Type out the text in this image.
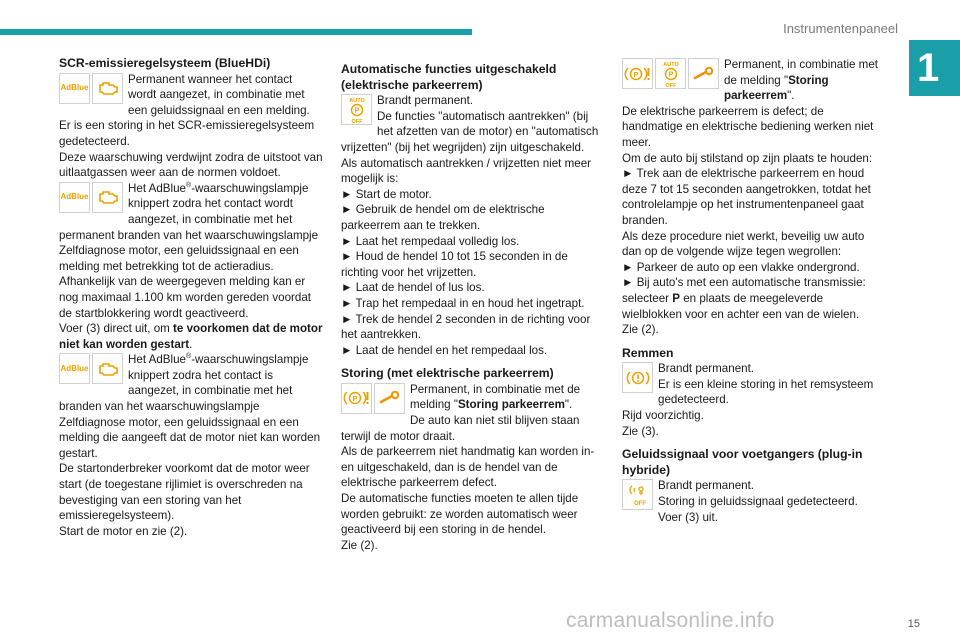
Instrumentenpaneel
1
SCR-emissieregelsysteem (BlueHDi)
AdBlue

Permanent wanneer het contact wordt aangezet, in combinatie met een geluidssignaal en een melding.

Er is een storing in het SCR-emissieregelsysteem gedetecteerd.

Deze waarschuwing verdwijnt zodra de uitstoot van uitlaatgassen weer aan de normen voldoet.

AdBlue

Het AdBlue®-waarschuwingslampje knippert zodra het contact wordt aangezet, in combinatie met het permanent branden van het waarschuwingslampje Zelfdiagnose motor, een geluidssignaal en een melding met betrekking tot de actieradius.

Afhankelijk van de weergegeven melding kan er nog maximaal 1.100 km worden gereden voordat de startblokkering wordt geactiveerd.

Voer (3) direct uit, om te voorkomen dat de motor niet kan worden gestart.

AdBlue

Het AdBlue®-waarschuwingslampje knippert zodra het contact is aangezet, in combinatie met het branden van het waarschuwingslampje Zelfdiagnose motor, een geluidssignaal en een melding die aangeeft dat de motor niet kan worden gestart.

De startonderbreker voorkomt dat de motor weer start (de toegestane rijlimiet is overschreden na bevestiging van een storing van het emissieregelsysteem).

Start de motor en zie (2).

Automatische functies uitgeschakeld (elektrische parkeerrem)
AUTO
P
OFF

Brandt permanent.

De functies "automatisch aantrekken" (bij het afzetten van de motor) en "automatisch vrijzetten" (bij het wegrijden) zijn uitgeschakeld.

Als automatisch aantrekken / vrijzetten niet meer mogelijk is:

► Start de motor.

► Gebruik de hendel om de elektrische parkeerrem aan te trekken.

► Laat het rempedaal volledig los.

► Houd de hendel 10 tot 15 seconden in de richting voor het vrijzetten.

► Laat de hendel of lus los.

► Trap het rempedaal in en houd het ingetrapt.

► Trek de hendel 2 seconden in de richting voor het aantrekken.

► Laat de hendel en het rempedaal los.

Storing (met elektrische parkeerrem)
P

Permanent, in combinatie met de melding "Storing parkeerrem".

De auto kan niet stil blijven staan terwijl de motor draait.

Als de parkeerrem niet handmatig kan worden in- en uitgeschakeld, dan is de hendel van de elektrische parkeerrem defect.

De automatische functies moeten te allen tijde worden gebruikt: ze worden automatisch weer geactiveerd bij een storing in de hendel.

Zie (2).

P
AUTO
P
OFF

Permanent, in combinatie met de melding "Storing parkeerrem".

De elektrische parkeerrem is defect; de handmatige en elektrische bediening werken niet meer.

Om de auto bij stilstand op zijn plaats te houden:

► Trek aan de elektrische parkeerrem en houd deze 7 tot 15 seconden aangetrokken, totdat het controlelampje op het instrumentenpaneel gaat branden.

Als deze procedure niet werkt, beveilig uw auto dan op de volgende wijze tegen wegrollen:

► Parkeer de auto op een vlakke ondergrond.

► Bij auto's met een automatische transmissie:

selecteer P en plaats de meegeleverde wielblokken voor en achter een van de wielen.

Zie (2).

Remmen

Brandt permanent.

Er is een kleine storing in het remsysteem gedetecteerd.

Rijd voorzichtig.

Zie (3).

Geluidssignaal voor voetgangers (plug-in hybride)
OFF

Brandt permanent.

Storing in geluidssignaal gedetecteerd.

Voer (3) uit.

15
carmanualsonline.info
